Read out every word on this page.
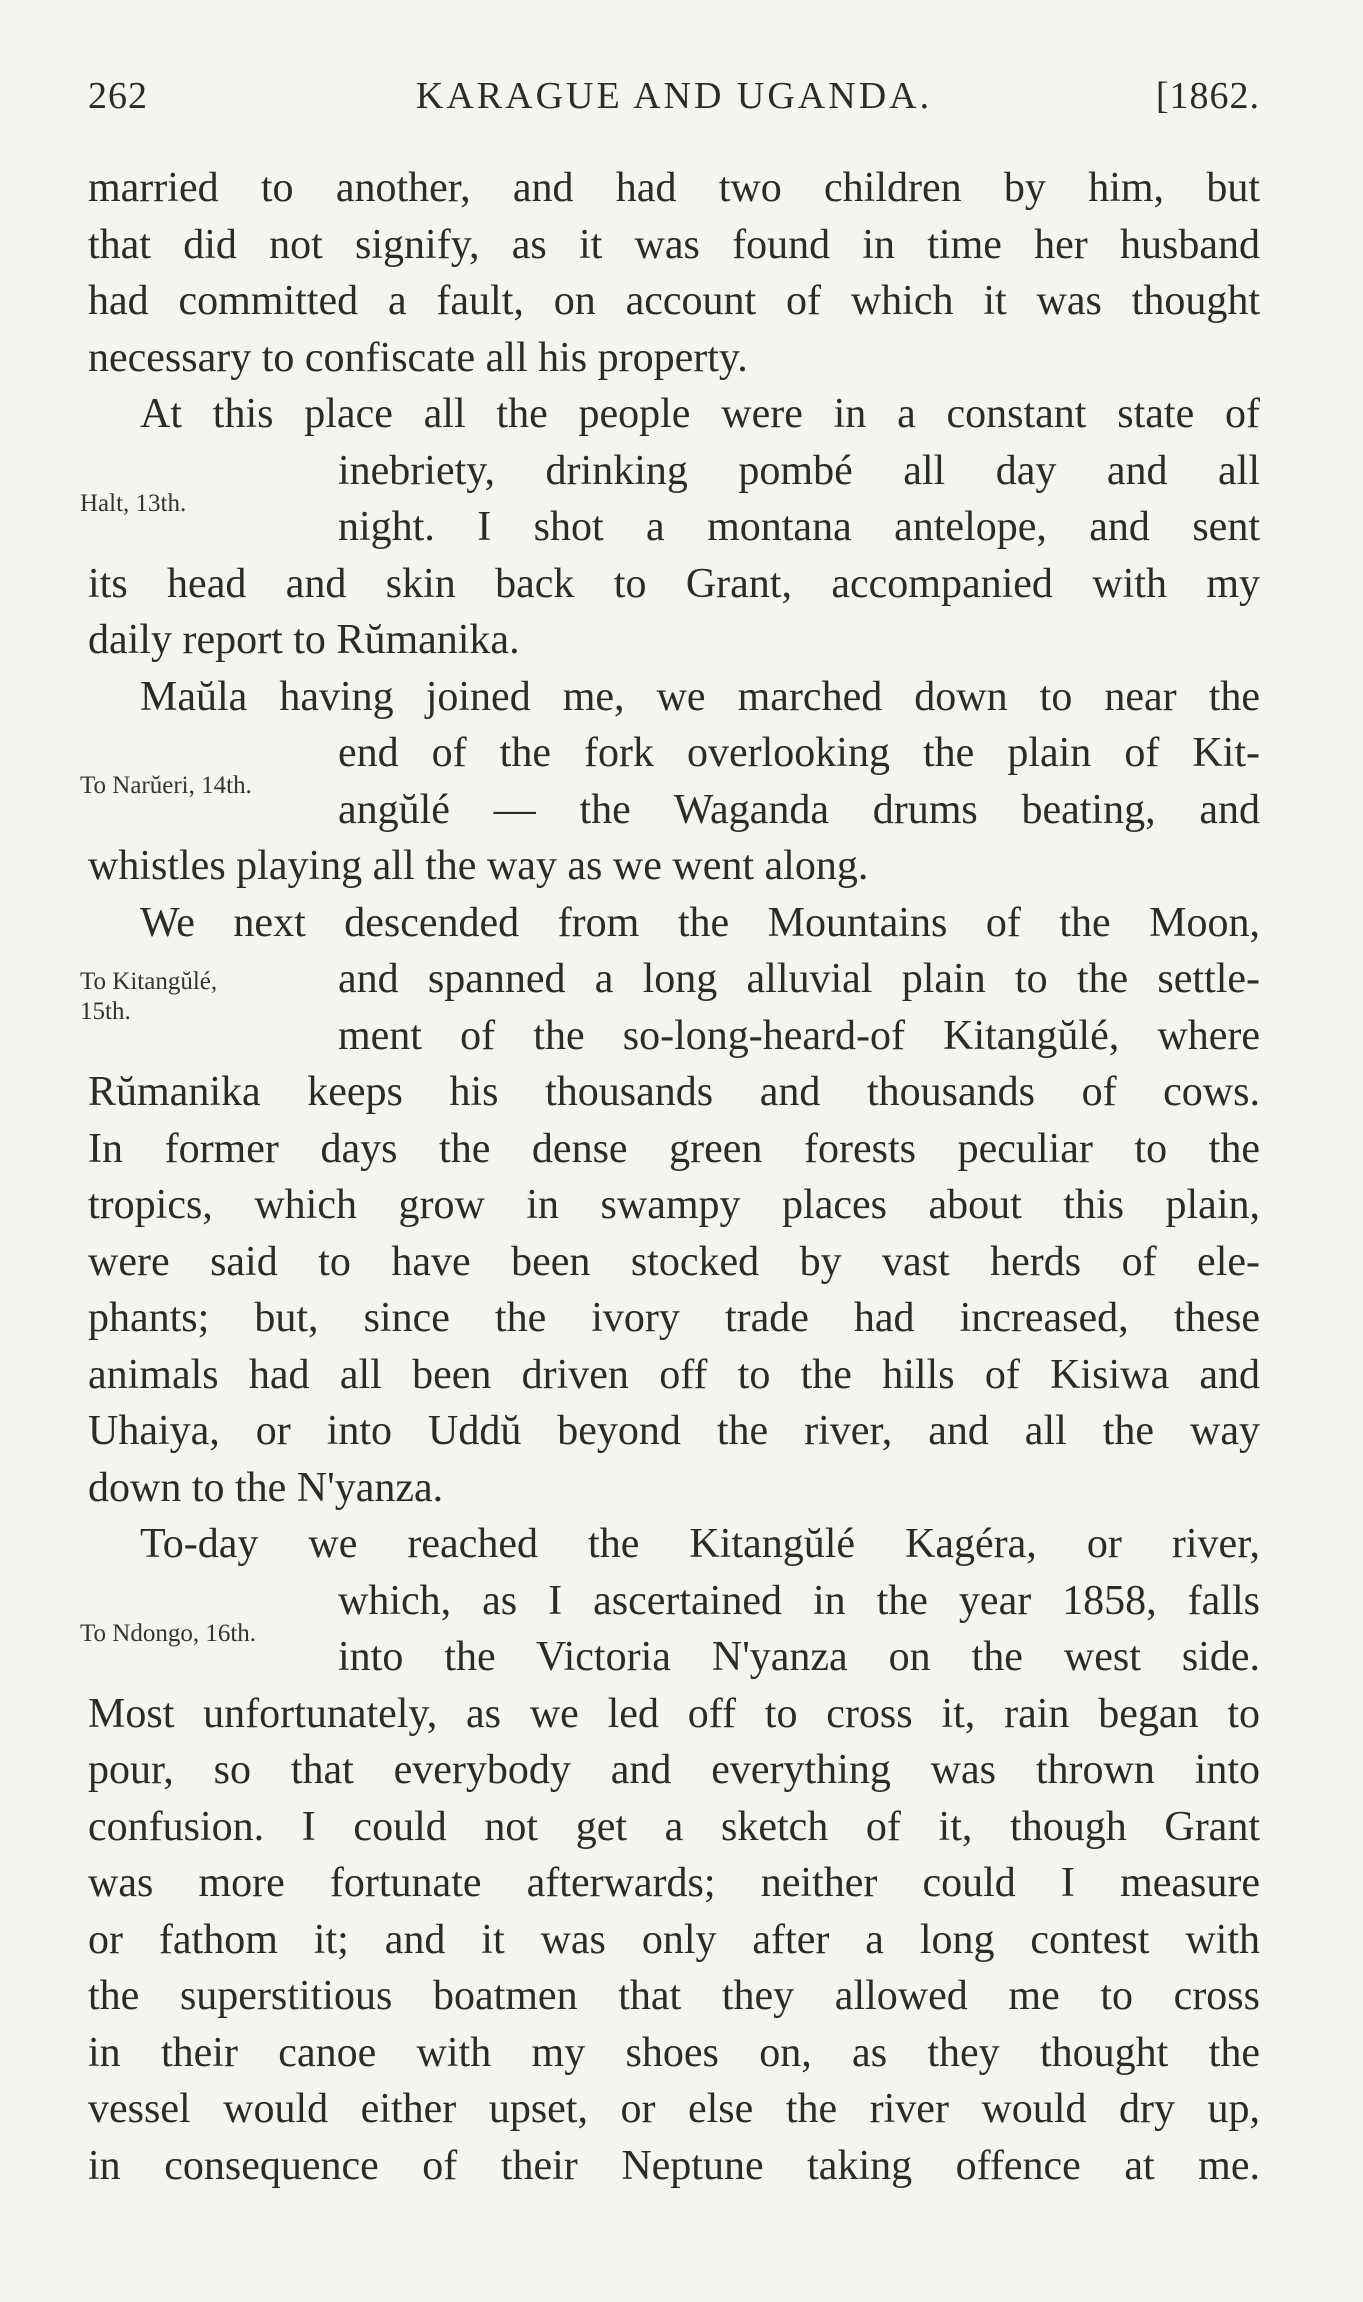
262	KARAGUE AND UGANDA.	[1862.
married to another, and had two children by him, but
that did not signify, as it was found in time her husband
had committed a fault, on account of which it was thought
necessary to confiscate all his property.
At this place all the people were in a constant state of
Halt, 13th.
inebriety, drinking pombé all day and all
night. I shot a montana antelope, and sent
its head and skin back to Grant, accompanied with my
daily report to Rŭmanika.
Maŭla having joined me, we marched down to near the
To Narŭeri, 14th.
end of the fork overlooking the plain of Kit-
angŭlé — the Waganda drums beating, and
whistles playing all the way as we went along.
We next descended from the Mountains of the Moon,
To Kitangŭlé,
15th.
and spanned a long alluvial plain to the settle-
ment of the so-long-heard-of Kitangŭlé, where
Rŭmanika keeps his thousands and thousands of cows.
In former days the dense green forests peculiar to the
tropics, which grow in swampy places about this plain,
were said to have been stocked by vast herds of ele-
phants; but, since the ivory trade had increased, these
animals had all been driven off to the hills of Kisiwa and
Uhaiya, or into Uddŭ beyond the river, and all the way
down to the N'yanza.
To-day we reached the Kitangŭlé Kagéra, or river,
To Ndongo, 16th.
which, as I ascertained in the year 1858, falls
into the Victoria N'yanza on the west side.
Most unfortunately, as we led off to cross it, rain began to
pour, so that everybody and everything was thrown into
confusion. I could not get a sketch of it, though Grant
was more fortunate afterwards; neither could I measure
or fathom it; and it was only after a long contest with
the superstitious boatmen that they allowed me to cross
in their canoe with my shoes on, as they thought the
vessel would either upset, or else the river would dry up,
in consequence of their Neptune taking offence at me.
